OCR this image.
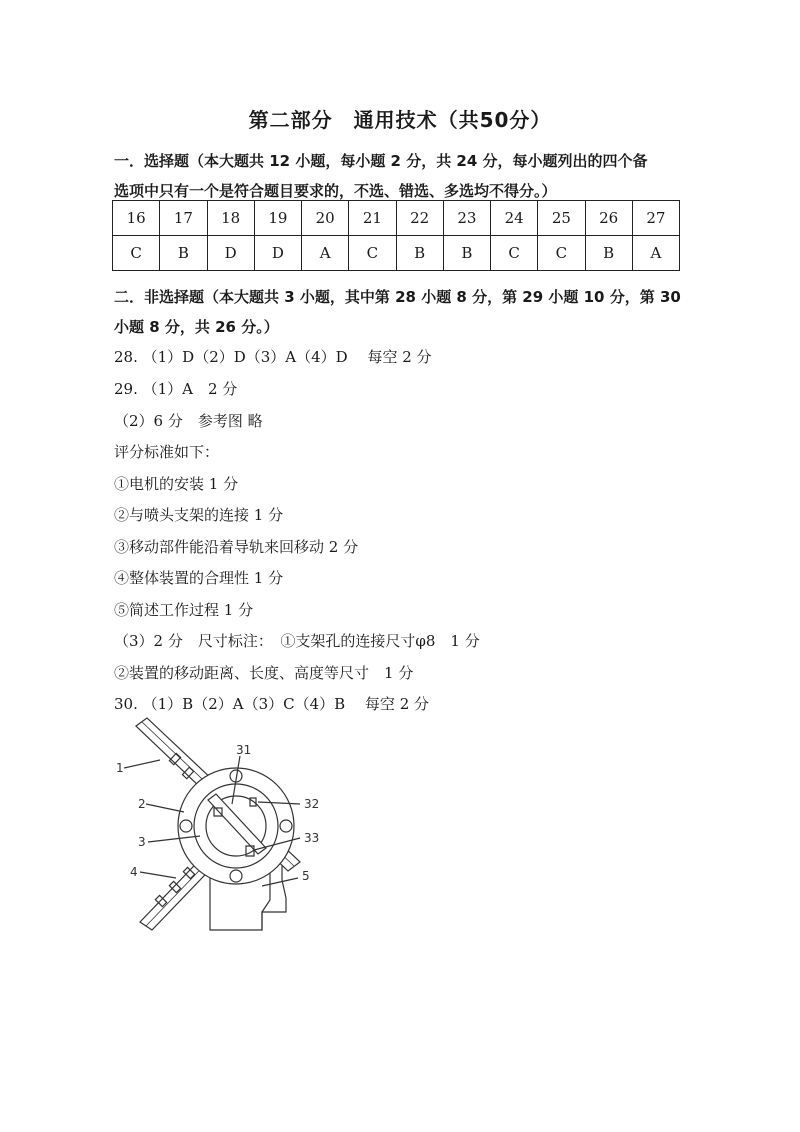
第二部分　通用技术（共50分）
一．选择题（本大题共 12 小题，每小题 2 分，共 24 分，每小题列出的四个备
选项中只有一个是符合题目要求的，不选、错选、多选均不得分。）
16	17	18	19	20	21	22	23	24	25	26	27
C	B	D	D	A	C	B	B	C	C	B	A
二．非选择题（本大题共 3 小题，其中第 28 小题 8 分，第 29 小题 10 分，第 30
小题 8 分，共 26 分。）
28. （1）D（2）D（3）A（4）D　 每空 2 分
29. （1）A　2 分
（2）6 分　参考图 略
评分标准如下：
①电机的安装 1 分
②与喷头支架的连接 1 分
③移动部件能沿着导轨来回移动 2 分
④整体装置的合理性 1 分
⑤简述工作过程 1 分
（3）2 分　尺寸标注：　①支架孔的连接尺寸φ8　1 分
②装置的移动距离、长度、高度等尺寸　1 分
30. （1）B（2）A（3）C（4）B　 每空 2 分
1
2
3
4	5
31
32
33
